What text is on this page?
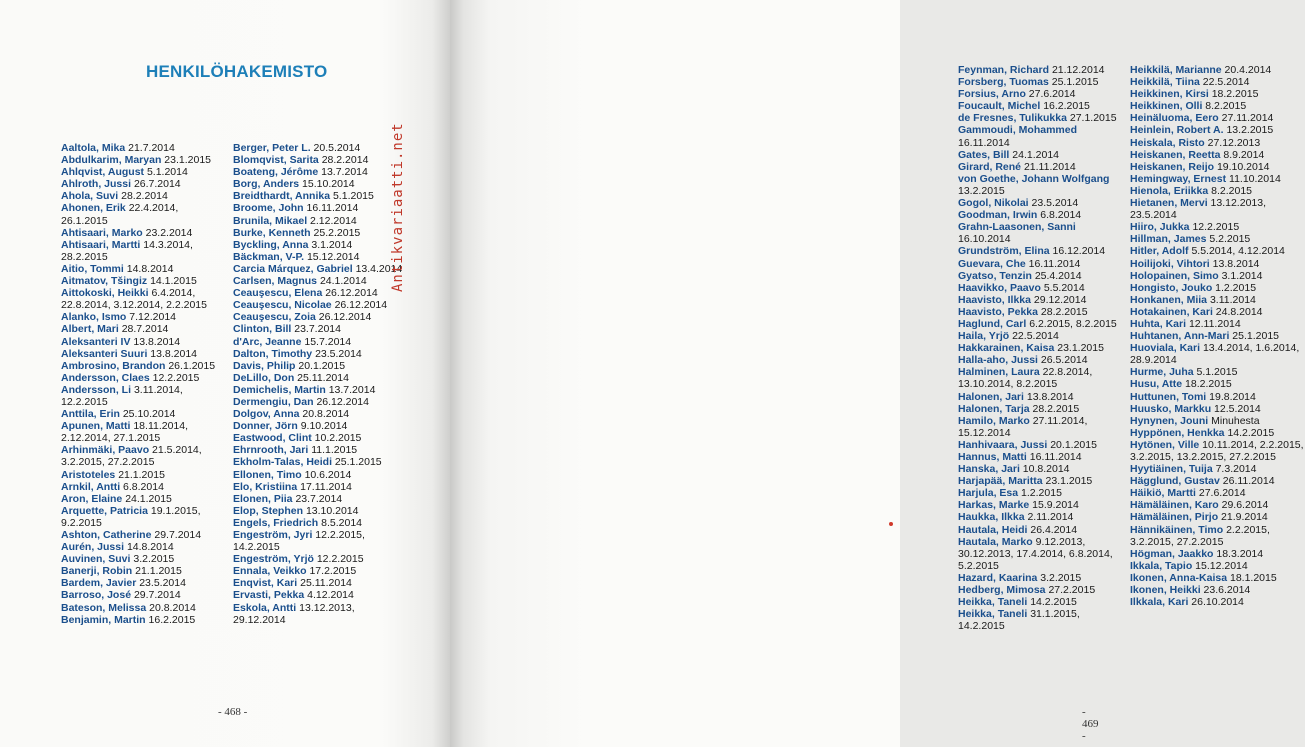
HENKILÖHAKEMISTO
Aaltola, Mika 21.7.2014
Abdulkarim, Maryan 23.1.2015
Ahlqvist, August 5.1.2014
Ahlroth, Jussi 26.7.2014
Ahola, Suvi 28.2.2014
Ahonen, Erik 22.4.2014, 26.1.2015
Ahtisaari, Marko 23.2.2014
Ahtisaari, Martti 14.3.2014, 28.2.2015
Aitio, Tommi 14.8.2014
Aitmatov, Tšingiz 14.1.2015
Aittokoski, Heikki 6.4.2014, 22.8.2014, 3.12.2014, 2.2.2015
Alanko, Ismo 7.12.2014
Albert, Mari 28.7.2014
Aleksanteri IV 13.8.2014
Aleksanteri Suuri 13.8.2014
Ambrosino, Brandon 26.1.2015
Andersson, Claes 12.2.2015
Andersson, Li 3.11.2014, 12.2.2015
Anttila, Erin 25.10.2014
Apunen, Matti 18.11.2014, 2.12.2014, 27.1.2015
Arhinmäki, Paavo 21.5.2014, 3.2.2015, 27.2.2015
Aristoteles 21.1.2015
Arnkil, Antti 6.8.2014
Aron, Elaine 24.1.2015
Arquette, Patricia 19.1.2015, 9.2.2015
Ashton, Catherine 29.7.2014
Aurén, Jussi 14.8.2014
Auvinen, Suvi 3.2.2015
Banerji, Robin 21.1.2015
Bardem, Javier 23.5.2014
Barroso, José 29.7.2014
Bateson, Melissa 20.8.2014
Benjamin, Martin 16.2.2015
Berger, Peter L. 20.5.2014
Blomqvist, Sarita 28.2.2014
Boateng, Jérôme 13.7.2014
Borg, Anders 15.10.2014
Breidthardt, Annika 5.1.2015
Broome, John 16.11.2014
Brunila, Mikael 2.12.2014
Burke, Kenneth 25.2.2015
Byckling, Anna 3.1.2014
Bäckman, V-P. 15.12.2014
Carcia Márquez, Gabriel 13.4.2014
Carlsen, Magnus 24.1.2014
Ceauşescu, Elena 26.12.2014
Ceauşescu, Nicolae 26.12.2014
Ceauşescu, Zoia 26.12.2014
Clinton, Bill 23.7.2014
d'Arc, Jeanne 15.7.2014
Dalton, Timothy 23.5.2014
Davis, Philip 20.1.2015
DeLillo, Don 25.11.2014
Demichelis, Martin 13.7.2014
Dermengiu, Dan 26.12.2014
Dolgov, Anna 20.8.2014
Donner, Jörn 9.10.2014
Eastwood, Clint 10.2.2015
Ehrnrooth, Jari 11.1.2015
Ekholm-Talas, Heidi 25.1.2015
Ellonen, Timo 10.6.2014
Elo, Kristiina 17.11.2014
Elonen, Piia 23.7.2014
Elop, Stephen 13.10.2014
Engels, Friedrich 8.5.2014
Engeström, Jyri 12.2.2015, 14.2.2015
Engeström, Yrjö 12.2.2015
Ennala, Veikko 17.2.2015
Enqvist, Kari 25.11.2014
Ervasti, Pekka 4.12.2014
Eskola, Antti 13.12.2013, 29.12.2014
- 468 -
Antikvariaatti.net
Feynman, Richard 21.12.2014
Forsberg, Tuomas 25.1.2015
Forsius, Arno 27.6.2014
Foucault, Michel 16.2.2015
de Fresnes, Tulikukka 27.1.2015
Gammoudi, Mohammed 16.11.2014
Gates, Bill 24.1.2014
Girard, René 21.11.2014
von Goethe, Johann Wolfgang 13.2.2015
Gogol, Nikolai 23.5.2014
Goodman, Irwin 6.8.2014
Grahn-Laasonen, Sanni 16.10.2014
Grundström, Elina 16.12.2014
Guevara, Che 16.11.2014
Gyatso, Tenzin 25.4.2014
Haavikko, Paavo 5.5.2014
Haavisto, Ilkka 29.12.2014
Haavisto, Pekka 28.2.2015
Haglund, Carl 6.2.2015, 8.2.2015
Haila, Yrjö 22.5.2014
Hakkarainen, Kaisa 23.1.2015
Halla-aho, Jussi 26.5.2014
Halminen, Laura 22.8.2014, 13.10.2014, 8.2.2015
Halonen, Jari 13.8.2014
Halonen, Tarja 28.2.2015
Hamilo, Marko 27.11.2014, 15.12.2014
Hanhivaara, Jussi 20.1.2015
Hannus, Matti 16.11.2014
Hanska, Jari 10.8.2014
Harjapää, Maritta 23.1.2015
Harjula, Esa 1.2.2015
Harkas, Marke 15.9.2014
Haukka, Ilkka 2.11.2014
Hautala, Heidi 26.4.2014
Hautala, Marko 9.12.2013, 30.12.2013, 17.4.2014, 6.8.2014, 5.2.2015
Hazard, Kaarina 3.2.2015
Hedberg, Mimosa 27.2.2015
Heikka, Taneli 14.2.2015
Heikka, Taneli 31.1.2015, 14.2.2015
Heikkilä, Marianne 20.4.2014
Heikkilä, Tiina 22.5.2014
Heikkinen, Kirsi 18.2.2015
Heikkinen, Olli 8.2.2015
Heinäluoma, Eero 27.11.2014
Heinlein, Robert A. 13.2.2015
Heiskala, Risto 27.12.2013
Heiskanen, Reetta 8.9.2014
Heiskanen, Reijo 19.10.2014
Hemingway, Ernest 11.10.2014
Hienola, Eriikka 8.2.2015
Hietanen, Mervi 13.12.2013, 23.5.2014
Hiiro, Jukka 12.2.2015
Hillman, James 5.2.2015
Hitler, Adolf 5.5.2014, 4.12.2014
Hoilijoki, Vihtori 13.8.2014
Holopainen, Simo 3.1.2014
Hongisto, Jouko 1.2.2015
Honkanen, Miia 3.11.2014
Hotakainen, Kari 24.8.2014
Huhta, Kari 12.11.2014
Huhtanen, Ann-Mari 25.1.2015
Huoviala, Kari 13.4.2014, 1.6.2014, 28.9.2014
Hurme, Juha 5.1.2015
Husu, Atte 18.2.2015
Huttunen, Tomi 19.8.2014
Huusko, Markku 12.5.2014
Hynynen, Jouni Minuhesta
Hyppönen, Henkka 14.2.2015
Hytönen, Ville 10.11.2014, 2.2.2015, 3.2.2015, 13.2.2015, 27.2.2015
Hyytiäinen, Tuija 7.3.2014
Hägglund, Gustav 26.11.2014
Häikiö, Martti 27.6.2014
Hämäläinen, Karo 29.6.2014
Hämäläinen, Pirjo 21.9.2014
Hännikäinen, Timo 2.2.2015, 3.2.2015, 27.2.2015
Högman, Jaakko 18.3.2014
Ikkala, Tapio 15.12.2014
Ikonen, Anna-Kaisa 18.1.2015
Ikonen, Heikki 23.6.2014
Ilkkala, Kari 26.10.2014
- 469 -
